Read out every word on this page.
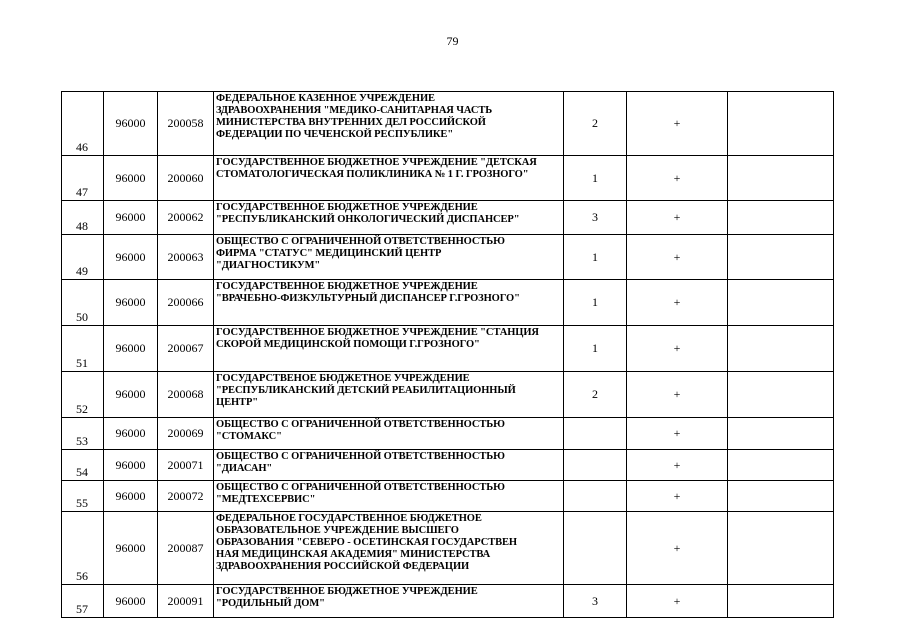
79
46	96000	200058	ФЕДЕРАЛЬНОЕ КАЗЕННОЕ УЧРЕЖДЕНИЕ
ЗДРАВООХРАНЕНИЯ "МЕДИКО-САНИТАРНАЯ ЧАСТЬ
МИНИСТЕРСТВА ВНУТРЕННИХ ДЕЛ РОССИЙСКОЙ
ФЕДЕРАЦИИ ПО ЧЕЧЕНСКОЙ РЕСПУБЛИКЕ"	2	+	
47	96000	200060	ГОСУДАРСТВЕННОЕ БЮДЖЕТНОЕ УЧРЕЖДЕНИЕ "ДЕТСКАЯ
СТОМАТОЛОГИЧЕСКАЯ ПОЛИКЛИНИКА № 1 Г. ГРОЗНОГО"	1	+	
48	96000	200062	ГОСУДАРСТВЕННОЕ БЮДЖЕТНОЕ УЧРЕЖДЕНИЕ
"РЕСПУБЛИКАНСКИЙ ОНКОЛОГИЧЕСКИЙ ДИСПАНСЕР"	3	+	
49	96000	200063	ОБЩЕСТВО С ОГРАНИЧЕННОЙ ОТВЕТСТВЕННОСТЬЮ
ФИРМА "СТАТУС" МЕДИЦИНСКИЙ ЦЕНТР
"ДИАГНОСТИКУМ"	1	+	
50	96000	200066	ГОСУДАРСТВЕННОЕ БЮДЖЕТНОЕ УЧРЕЖДЕНИЕ
"ВРАЧЕБНО-ФИЗКУЛЬТУРНЫЙ ДИСПАНСЕР Г.ГРОЗНОГО"	1	+	
51	96000	200067	ГОСУДАРСТВЕННОЕ БЮДЖЕТНОЕ УЧРЕЖДЕНИЕ "СТАНЦИЯ
СКОРОЙ МЕДИЦИНСКОЙ ПОМОЩИ Г.ГРОЗНОГО"	1	+	
52	96000	200068	ГОСУДАРСТВЕНОЕ БЮДЖЕТНОЕ УЧРЕЖДЕНИЕ
"РЕСПУБЛИКАНСКИЙ ДЕТСКИЙ РЕАБИЛИТАЦИОННЫЙ
ЦЕНТР"	2	+	
53	96000	200069	ОБЩЕСТВО С ОГРАНИЧЕННОЙ ОТВЕТСТВЕННОСТЬЮ
"СТОМАКС"		+	
54	96000	200071	ОБЩЕСТВО С ОГРАНИЧЕННОЙ ОТВЕТСТВЕННОСТЬЮ
"ДИАСАН"		+	
55	96000	200072	ОБЩЕСТВО С ОГРАНИЧЕННОЙ ОТВЕТСТВЕННОСТЬЮ
"МЕДТЕХСЕРВИС"		+	
56	96000	200087	ФЕДЕРАЛЬНОЕ ГОСУДАРСТВЕННОЕ БЮДЖЕТНОЕ
ОБРАЗОВАТЕЛЬНОЕ УЧРЕЖДЕНИЕ ВЫСШЕГО
ОБРАЗОВАНИЯ "СЕВЕРО - ОСЕТИНСКАЯ ГОСУДАРСТВЕН
НАЯ МЕДИЦИНСКАЯ АКАДЕМИЯ" МИНИСТЕРСТВА
ЗДРАВООХРАНЕНИЯ РОССИЙСКОЙ ФЕДЕРАЦИИ		+	
57	96000	200091	ГОСУДАРСТВЕННОЕ БЮДЖЕТНОЕ УЧРЕЖДЕНИЕ
"РОДИЛЬНЫЙ ДОМ"	3	+	
